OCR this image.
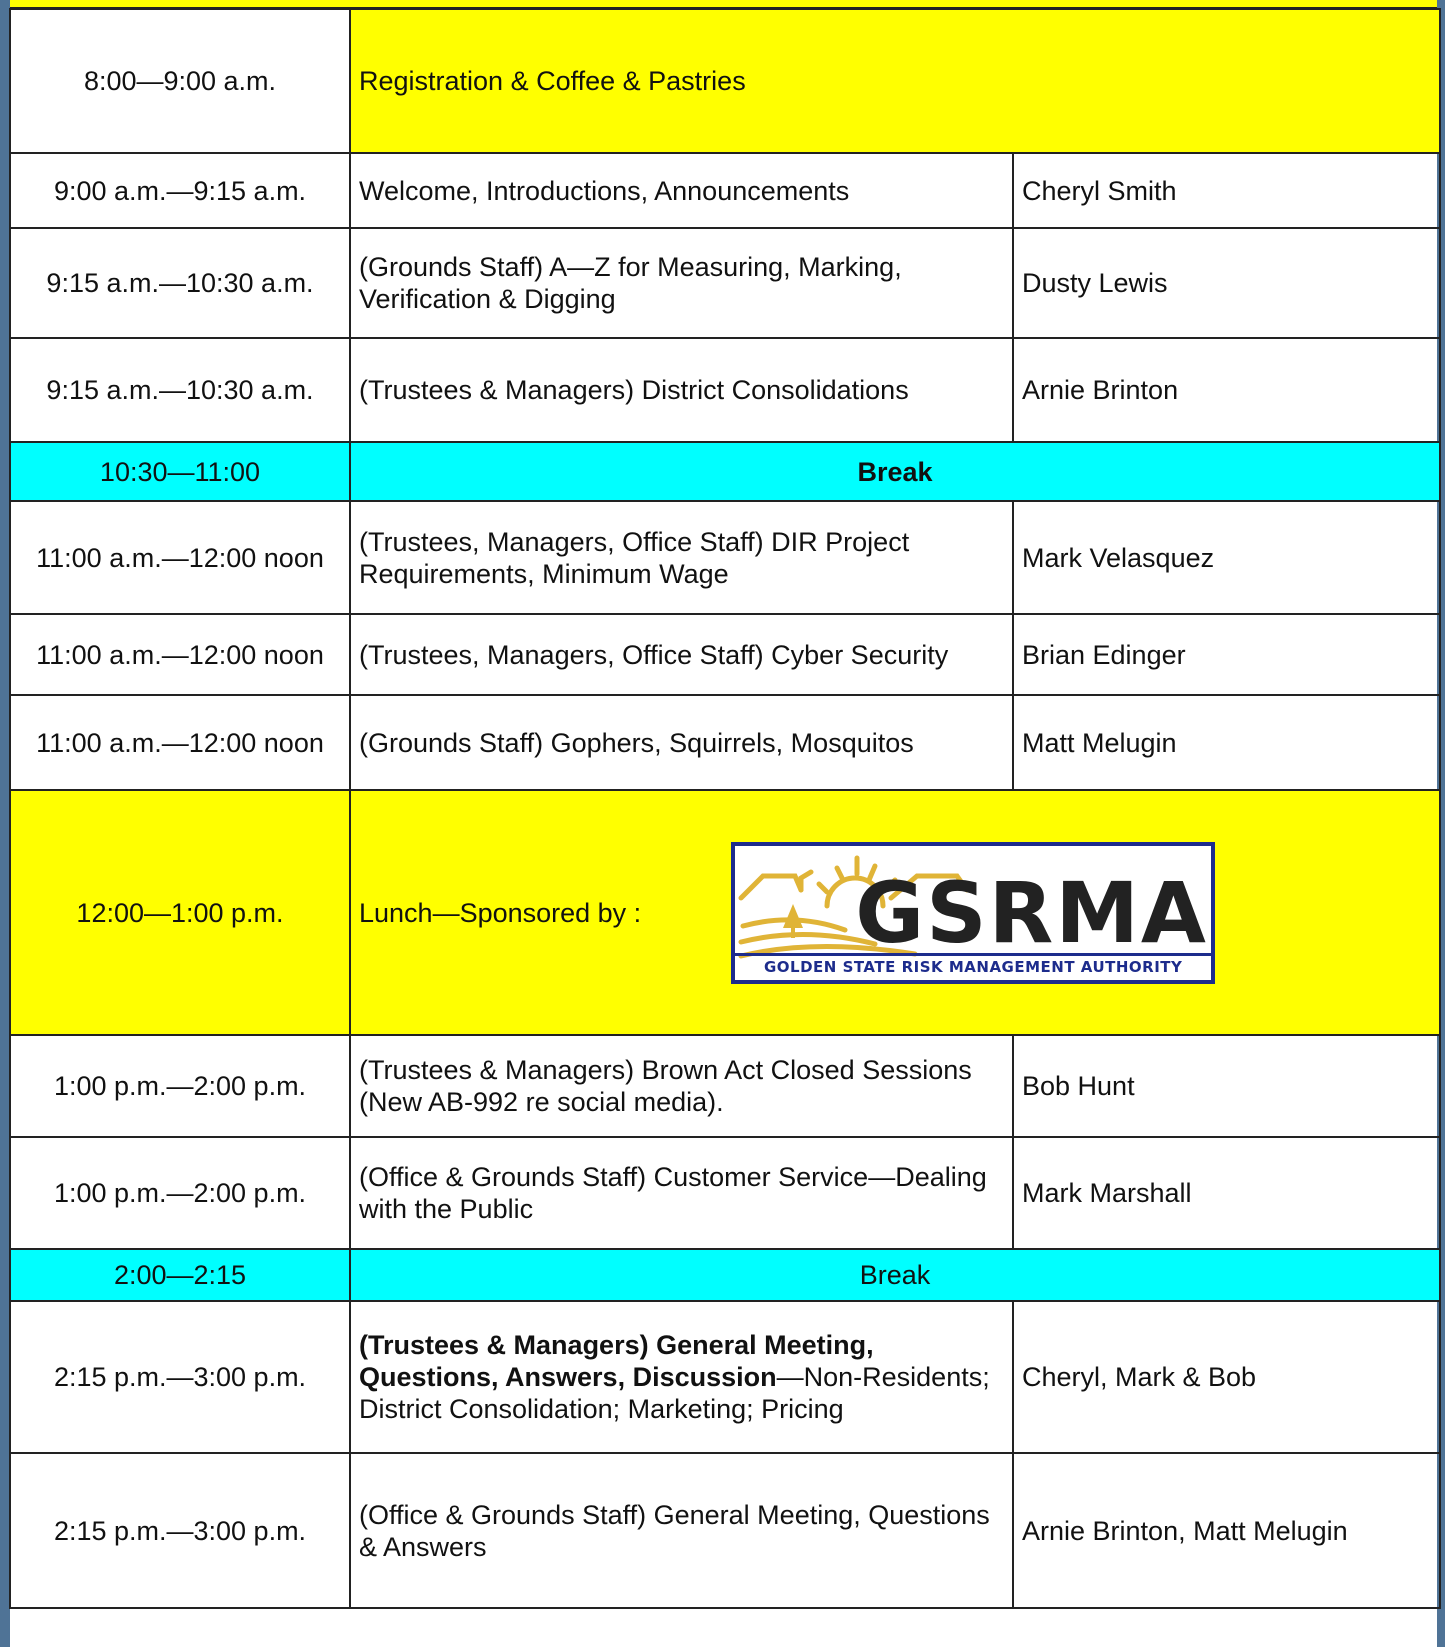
8:00—9:00 a.m.	Registration & Coffee & Pastries	
9:00 a.m.—9:15 a.m.	Welcome, Introductions, Announcements	Cheryl Smith
9:15 a.m.—10:30 a.m.	(Grounds Staff) A—Z for Measuring, Marking, Verification & Digging	Dusty Lewis
9:15 a.m.—10:30 a.m.	(Trustees & Managers) District Consolidations	Arnie Brinton
10:30—11:00	Break	
11:00 a.m.—12:00 noon	(Trustees, Managers, Office Staff) DIR Project Requirements, Minimum Wage	Mark Velasquez
11:00 a.m.—12:00 noon	(Trustees, Managers, Office Staff) Cyber Security	Brian Edinger
11:00 a.m.—12:00 noon	(Grounds Staff) Gophers, Squirrels, Mosquitos	Matt Melugin
12:00—1:00 p.m.	Lunch—Sponsored by : GSRMA
GOLDEN STATE RISK MANAGEMENT AUTHORITY	

1:00 p.m.—2:00 p.m.	(Trustees & Managers) Brown Act Closed Sessions (New AB-992 re social media).	Bob Hunt
1:00 p.m.—2:00 p.m.	(Office & Grounds Staff) Customer Service—Dealing with the Public	Mark Marshall
2:00—2:15	Break	
2:15 p.m.—3:00 p.m.	(Trustees & Managers) General Meeting, Questions, Answers, Discussion—Non-Residents; District Consolidation; Marketing; Pricing	Cheryl, Mark & Bob
2:15 p.m.—3:00 p.m.	(Office & Grounds Staff) General Meeting, Questions & Answers	Arnie Brinton, Matt Melugin
